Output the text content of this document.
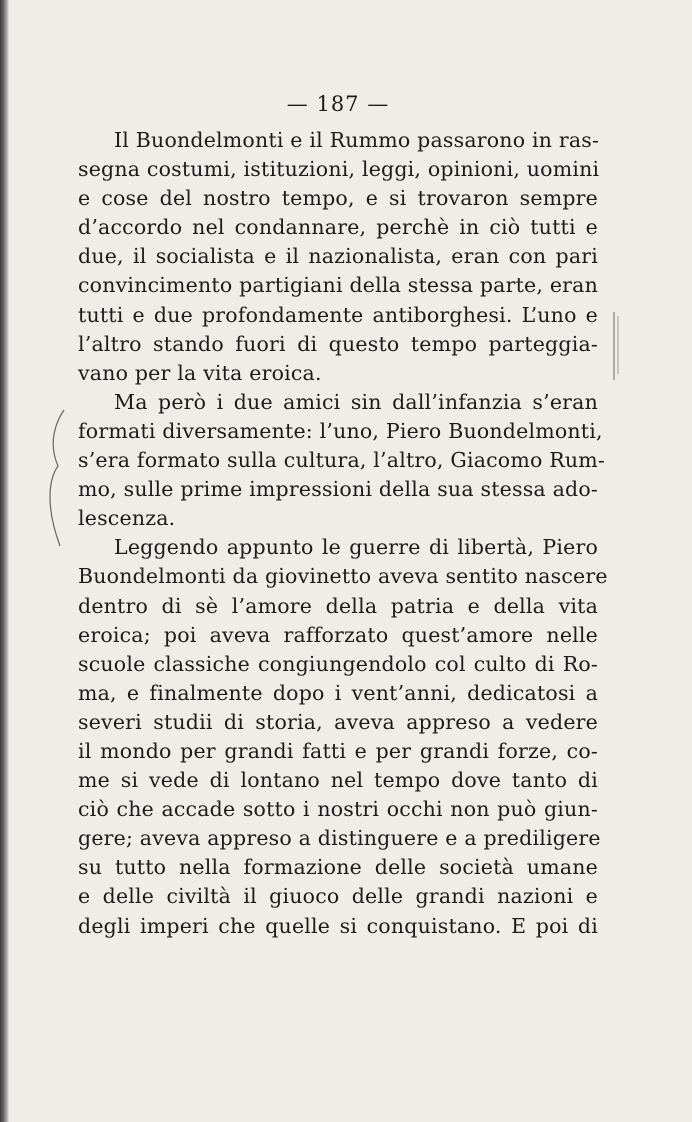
— 187 —
Il Buondelmonti e il Rummo passarono in ras-
segna costumi, istituzioni, leggi, opinioni, uomini
e cose del nostro tempo, e si trovaron sempre
d’accordo nel condannare, perchè in ciò tutti e
due, il socialista e il nazionalista, eran con pari
convincimento partigiani della stessa parte, eran
tutti e due profondamente antiborghesi. L’uno e
l’altro stando fuori di questo tempo parteggia-
vano per la vita eroica.
Ma però i due amici sin dall’infanzia s’eran
formati diversamente: l’uno, Piero Buondelmonti,
s’era formato sulla cultura, l’altro, Giacomo Rum-
mo, sulle prime impressioni della sua stessa ado-
lescenza.
Leggendo appunto le guerre di libertà, Piero
Buondelmonti da giovinetto aveva sentito nascere
dentro di sè l’amore della patria e della vita
eroica; poi aveva rafforzato quest’amore nelle
scuole classiche congiungendolo col culto di Ro-
ma, e finalmente dopo i vent’anni, dedicatosi a
severi studii di storia, aveva appreso a vedere
il mondo per grandi fatti e per grandi forze, co-
me si vede di lontano nel tempo dove tanto di
ciò che accade sotto i nostri occhi non può giun-
gere; aveva appreso a distinguere e a prediligere
su tutto nella formazione delle società umane
e delle civiltà il giuoco delle grandi nazioni e
degli imperi che quelle si conquistano. E poi di
